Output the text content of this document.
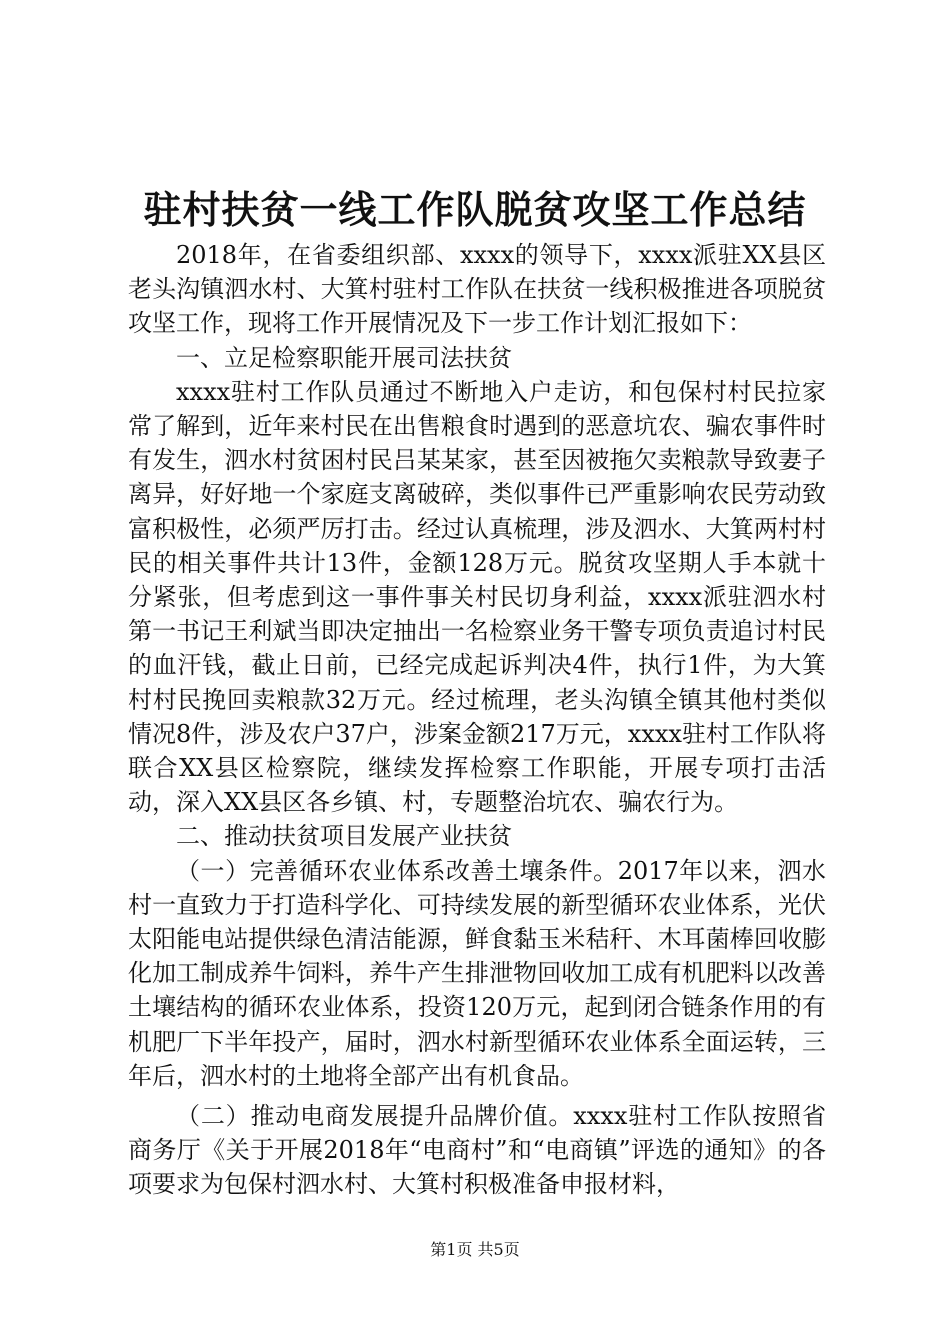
驻村扶贫一线工作队脱贫攻坚工作总结

2018年，在省委组织部、xxxx的领导下，xxxx派驻XX县区老头沟镇泗水村、大箕村驻村工作队在扶贫一线积极推进各项脱贫攻坚工作，现将工作开展情况及下一步工作计划汇报如下：

一、立足检察职能开展司法扶贫

xxxx驻村工作队员通过不断地入户走访，和包保村村民拉家常了解到，近年来村民在出售粮食时遇到的恶意坑农、骗农事件时有发生，泗水村贫困村民吕某某家，甚至因被拖欠卖粮款导致妻子离异，好好地一个家庭支离破碎，类似事件已严重影响农民劳动致富积极性，必须严厉打击。经过认真梳理，涉及泗水、大箕两村村民的相关事件共计13件，金额128万元。脱贫攻坚期人手本就十分紧张，但考虑到这一事件事关村民切身利益，xxxx派驻泗水村第一书记王利斌当即决定抽出一名检察业务干警专项负责追讨村民的血汗钱，截止日前，已经完成起诉判决4件，执行1件，为大箕村村民挽回卖粮款32万元。经过梳理，老头沟镇全镇其他村类似情况8件，涉及农户37户，涉案金额217万元，xxxx驻村工作队将联合XX县区检察院，继续发挥检察工作职能，开展专项打击活动，深入XX县区各乡镇、村，专题整治坑农、骗农行为。

二、推动扶贫项目发展产业扶贫

（一）完善循环农业体系改善土壤条件。2017年以来，泗水村一直致力于打造科学化、可持续发展的新型循环农业体系，光伏太阳能电站提供绿色清洁能源，鲜食黏玉米秸秆、木耳菌棒回收膨化加工制成养牛饲料，养牛产生排泄物回收加工成有机肥料以改善土壤结构的循环农业体系，投资120万元，起到闭合链条作用的有机肥厂下半年投产，届时，泗水村新型循环农业体系全面运转，三年后，泗水村的土地将全部产出有机食品。

（二）推动电商发展提升品牌价值。xxxx驻村工作队按照省商务厅《关于开展2018年“电商村”和“电商镇”评选的通知》的各项要求为包保村泗水村、大箕村积极准备申报材料，

第1页 共5页
